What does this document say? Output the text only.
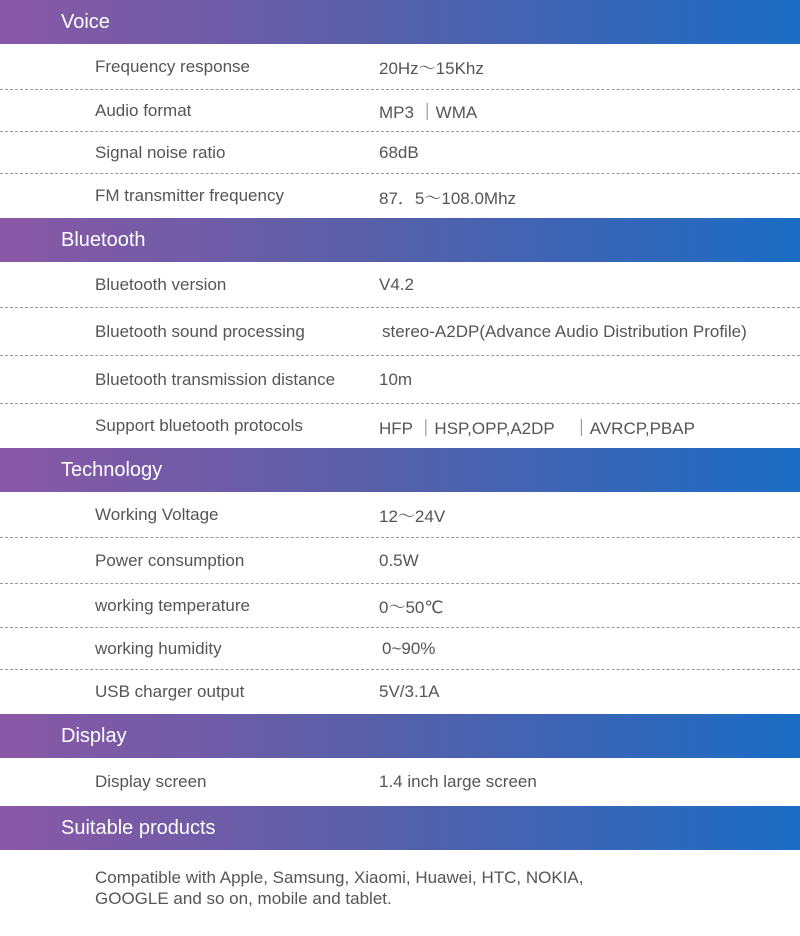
Voice
Frequency response	20Hz～15Khz
Audio format	MP3 ｜WMA
Signal noise ratio	68dB
FM transmitter frequency	87．5～108.0Mhz
Bluetooth
Bluetooth version	V4.2
Bluetooth sound processing	stereo-A2DP(Advance Audio Distribution Profile)
Bluetooth transmission distance	10m
Support bluetooth protocols	HFP ｜HSP,OPP,A2DP ｜AVRCP,PBAP
Technology
Working Voltage	12～24V
Power consumption	0.5W
working temperature	0～50℃
working humidity	0~90%
USB charger output	5V/3.1A
Display
Display screen	1.4 inch large screen
Suitable products
Compatible with Apple, Samsung, Xiaomi, Huawei, HTC, NOKIA,
GOOGLE and so on, mobile and tablet.
